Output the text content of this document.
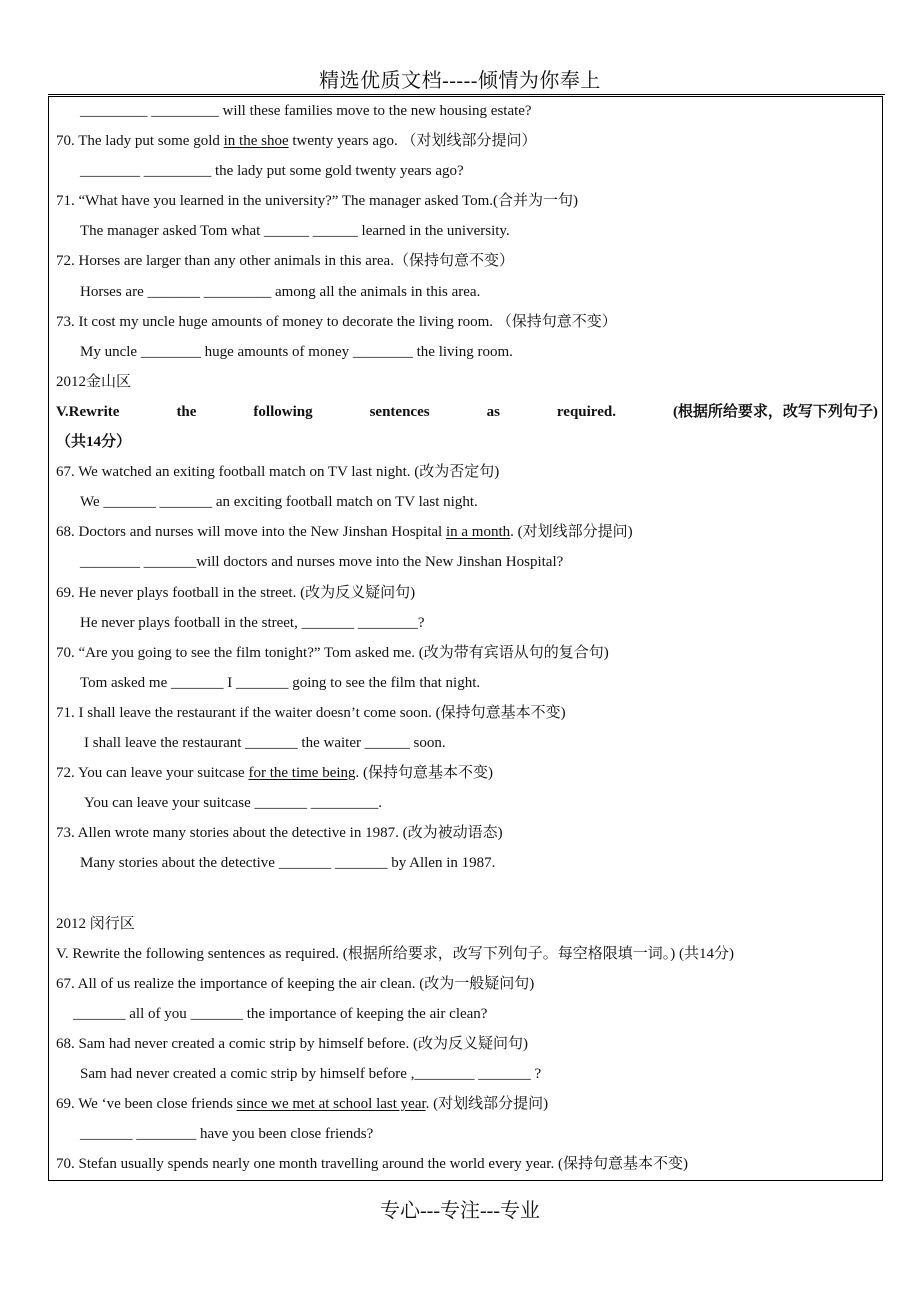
精选优质文档-----倾情为你奉上
_________ _________ will these families move to the new housing estate?
70. The lady put some gold in the shoe twenty years ago. （对划线部分提问）
________ _________ the lady put some gold twenty years ago?
71. “What have you learned in the university?” The manager asked Tom.(合并为一句)
The manager asked Tom what ______ ______ learned in the university.
72. Horses are larger than any other animals in this area.（保持句意不变）
Horses are _______ _________ among all the animals in this area.
73. It cost my uncle huge amounts of money to decorate the living room. （保持句意不变）
My uncle ________ huge amounts of money ________ the living room.
2012金山区
V.Rewrite	the	following	sentences	as	required.	(根据所给要求，改写下列句子)
（共14分）
67. We watched an exiting football match on TV last night. (改为否定句)
We _______ _______ an exciting football match on TV last night.
68. Doctors and nurses will move into the New Jinshan Hospital in a month. (对划线部分提问)
________ _______will doctors and nurses move into the New Jinshan Hospital?
69. He never plays football in the street. (改为反义疑问句)
He never plays football in the street, _______ ________?
70. “Are you going to see the film tonight?” Tom asked me. (改为带有宾语从句的复合句)
Tom asked me _______ I _______ going to see the film that night.
71. I shall leave the restaurant if the waiter doesn’t come soon. (保持句意基本不变)
I shall leave the restaurant _______ the waiter ______ soon.
72. You can leave your suitcase for the time being. (保持句意基本不变)
You can leave your suitcase _______ _________.
73. Allen wrote many stories about the detective in 1987. (改为被动语态)
Many stories about the detective _______ _______ by Allen in 1987.
2012 闵行区
V. Rewrite the following sentences as required. (根据所给要求，改写下列句子。每空格限填一词。) (共14分)
67. All of us realize the importance of keeping the air clean. (改为一般疑问句)
_______ all of you _______ the importance of keeping the air clean?
68. Sam had never created a comic strip by himself before. (改为反义疑问句)
Sam had never created a comic strip by himself before ,________ _______ ?
69. We ‘ve been close friends since we met at school last year. (对划线部分提问)
_______ ________ have you been close friends?
70. Stefan usually spends nearly one month travelling around the world every year. (保持句意基本不变)
专心---专注---专业
